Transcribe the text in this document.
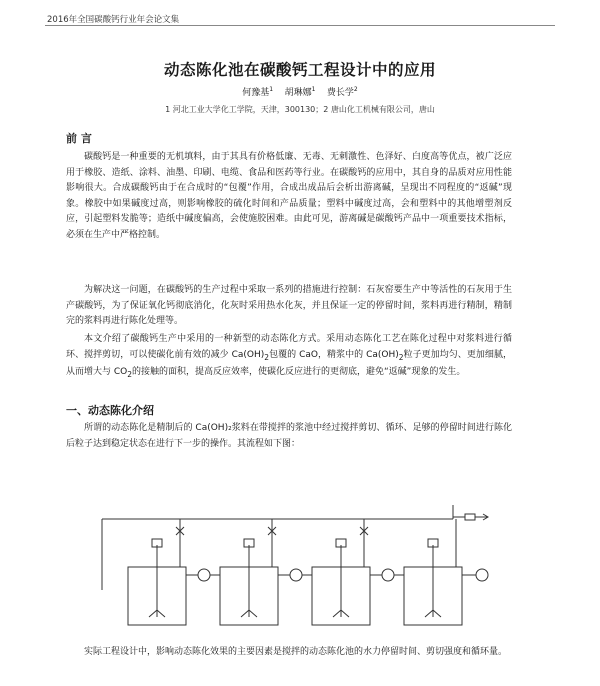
2016年全国碳酸钙行业年会论文集
动态陈化池在碳酸钙工程设计中的应用
何豫基$^1$ 胡琳娜$^1$ 费长学$^2$
1 河北工业大学化工学院，天津，300130；2 唐山化工机械有限公司，唐山
前 言

碳酸钙是一种重要的无机填料，由于其具有价格低廉、无毒、无刺激性、色泽好、白度高等优点，被广泛应用于橡胶、造纸、涂料、油墨、印刷、电缆、食品和医药等行业。在碳酸钙的应用中，其自身的品质对应用性能影响很大。合成碳酸钙由于在合成时的“包覆”作用，合成出成品后会析出游离碱，呈现出不同程度的“返碱”现象。橡胶中如果碱度过高，则影响橡胶的硫化时间和产品质量；塑料中碱度过高，会和塑料中的其他增塑剂反应，引起塑料发脆等；造纸中碱度偏高，会使施胶困难。由此可见，游离碱是碳酸钙产品中一项重要技术指标，必须在生产中严格控制。

为解决这一问题，在碳酸钙的生产过程中采取一系列的措施进行控制：石灰窑要生产中等活性的石灰用于生产碳酸钙，为了保证氧化钙彻底消化，化灰时采用热水化灰，并且保证一定的停留时间，浆料再进行精制，精制完的浆料再进行陈化处理等。

本文介绍了碳酸钙生产中采用的一种新型的动态陈化方式。采用动态陈化工艺在陈化过程中对浆料进行循环、搅拌剪切，可以使碳化前有效的减少 $Ca(OH)_2$包覆的 CaO，精浆中的 $Ca(OH)_2$粒子更加均匀、更加细腻，从而增大与 $CO_2$的接触的面积，提高反应效率，使碳化反应进行的更彻底，避免“返碱”现象的发生。

一、动态陈化介绍

所谓的动态陈化是精制后的 Ca(OH)₂浆料在带搅拌的浆池中经过搅拌剪切、循环、足够的停留时间进行陈化后粒子达到稳定状态在进行下一步的操作。其流程如下图：

实际工程设计中，影响动态陈化效果的主要因素是搅拌的动态陈化池的水力停留时间、剪切强度和循环量。
